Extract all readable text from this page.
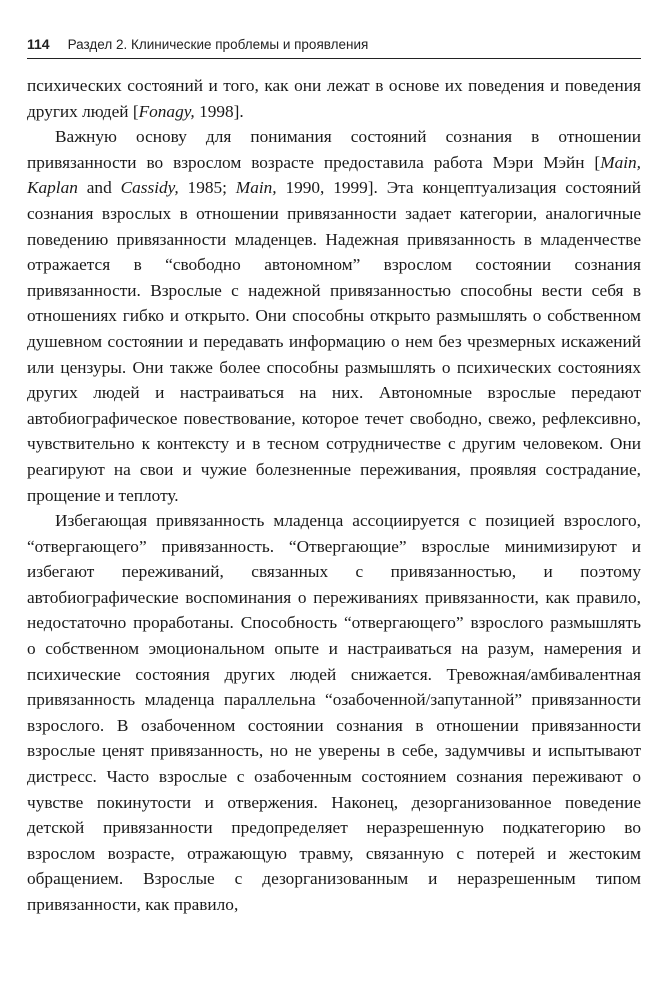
114 Раздел 2. Клинические проблемы и проявления

психических состояний и того, как они лежат в основе их поведения и поведения других людей [Fonagy, 1998].

Важную основу для понимания состояний сознания в отношении привязанности во взрослом возрасте предоставила работа Мэри Мэйн [Main, Kaplan and Cassidy, 1985; Main, 1990, 1999]. Эта концептуализация состояний сознания взрослых в отношении привязанности задает категории, аналогичные поведению привязанности младенцев. Надежная привязанность в младенчестве отражается в “свободно автономном” взрослом состоянии сознания привязанности. Взрослые с надежной привязанностью способны вести себя в отношениях гибко и открыто. Они способны открыто размышлять о собственном душевном состоянии и передавать информацию о нем без чрезмерных искажений или цензуры. Они также более способны размышлять о психических состояниях других людей и настраиваться на них. Автономные взрослые передают автобиографическое повествование, которое течет свободно, свежо, рефлексивно, чувствительно к контексту и в тесном сотрудничестве с другим человеком. Они реагируют на свои и чужие болезненные переживания, проявляя сострадание, прощение и теплоту.

Избегающая привязанность младенца ассоциируется с позицией взрослого, “отвергающего” привязанность. “Отвергающие” взрослые минимизируют и избегают переживаний, связанных с привязанностью, и поэтому автобиографические воспоминания о переживаниях привязанности, как правило, недостаточно проработаны. Способность “отвергающего” взрослого размышлять о собственном эмоциональном опыте и настраиваться на разум, намерения и психические состояния других людей снижается. Тревожная/амбивалентная привязанность младенца параллельна “озабоченной/запутанной” привязанности взрослого. В озабоченном состоянии сознания в отношении привязанности взрослые ценят привязанность, но не уверены в себе, задумчивы и испытывают дистресс. Часто взрослые с озабоченным состоянием сознания переживают о чувстве покинутости и отвержения. Наконец, дезорганизованное поведение детской привязанности предопределяет неразрешенную подкатегорию во взрослом возрасте, отражающую травму, связанную с потерей и жестоким обращением. Взрослые с дезорганизованным и неразрешенным типом привязанности, как правило,
